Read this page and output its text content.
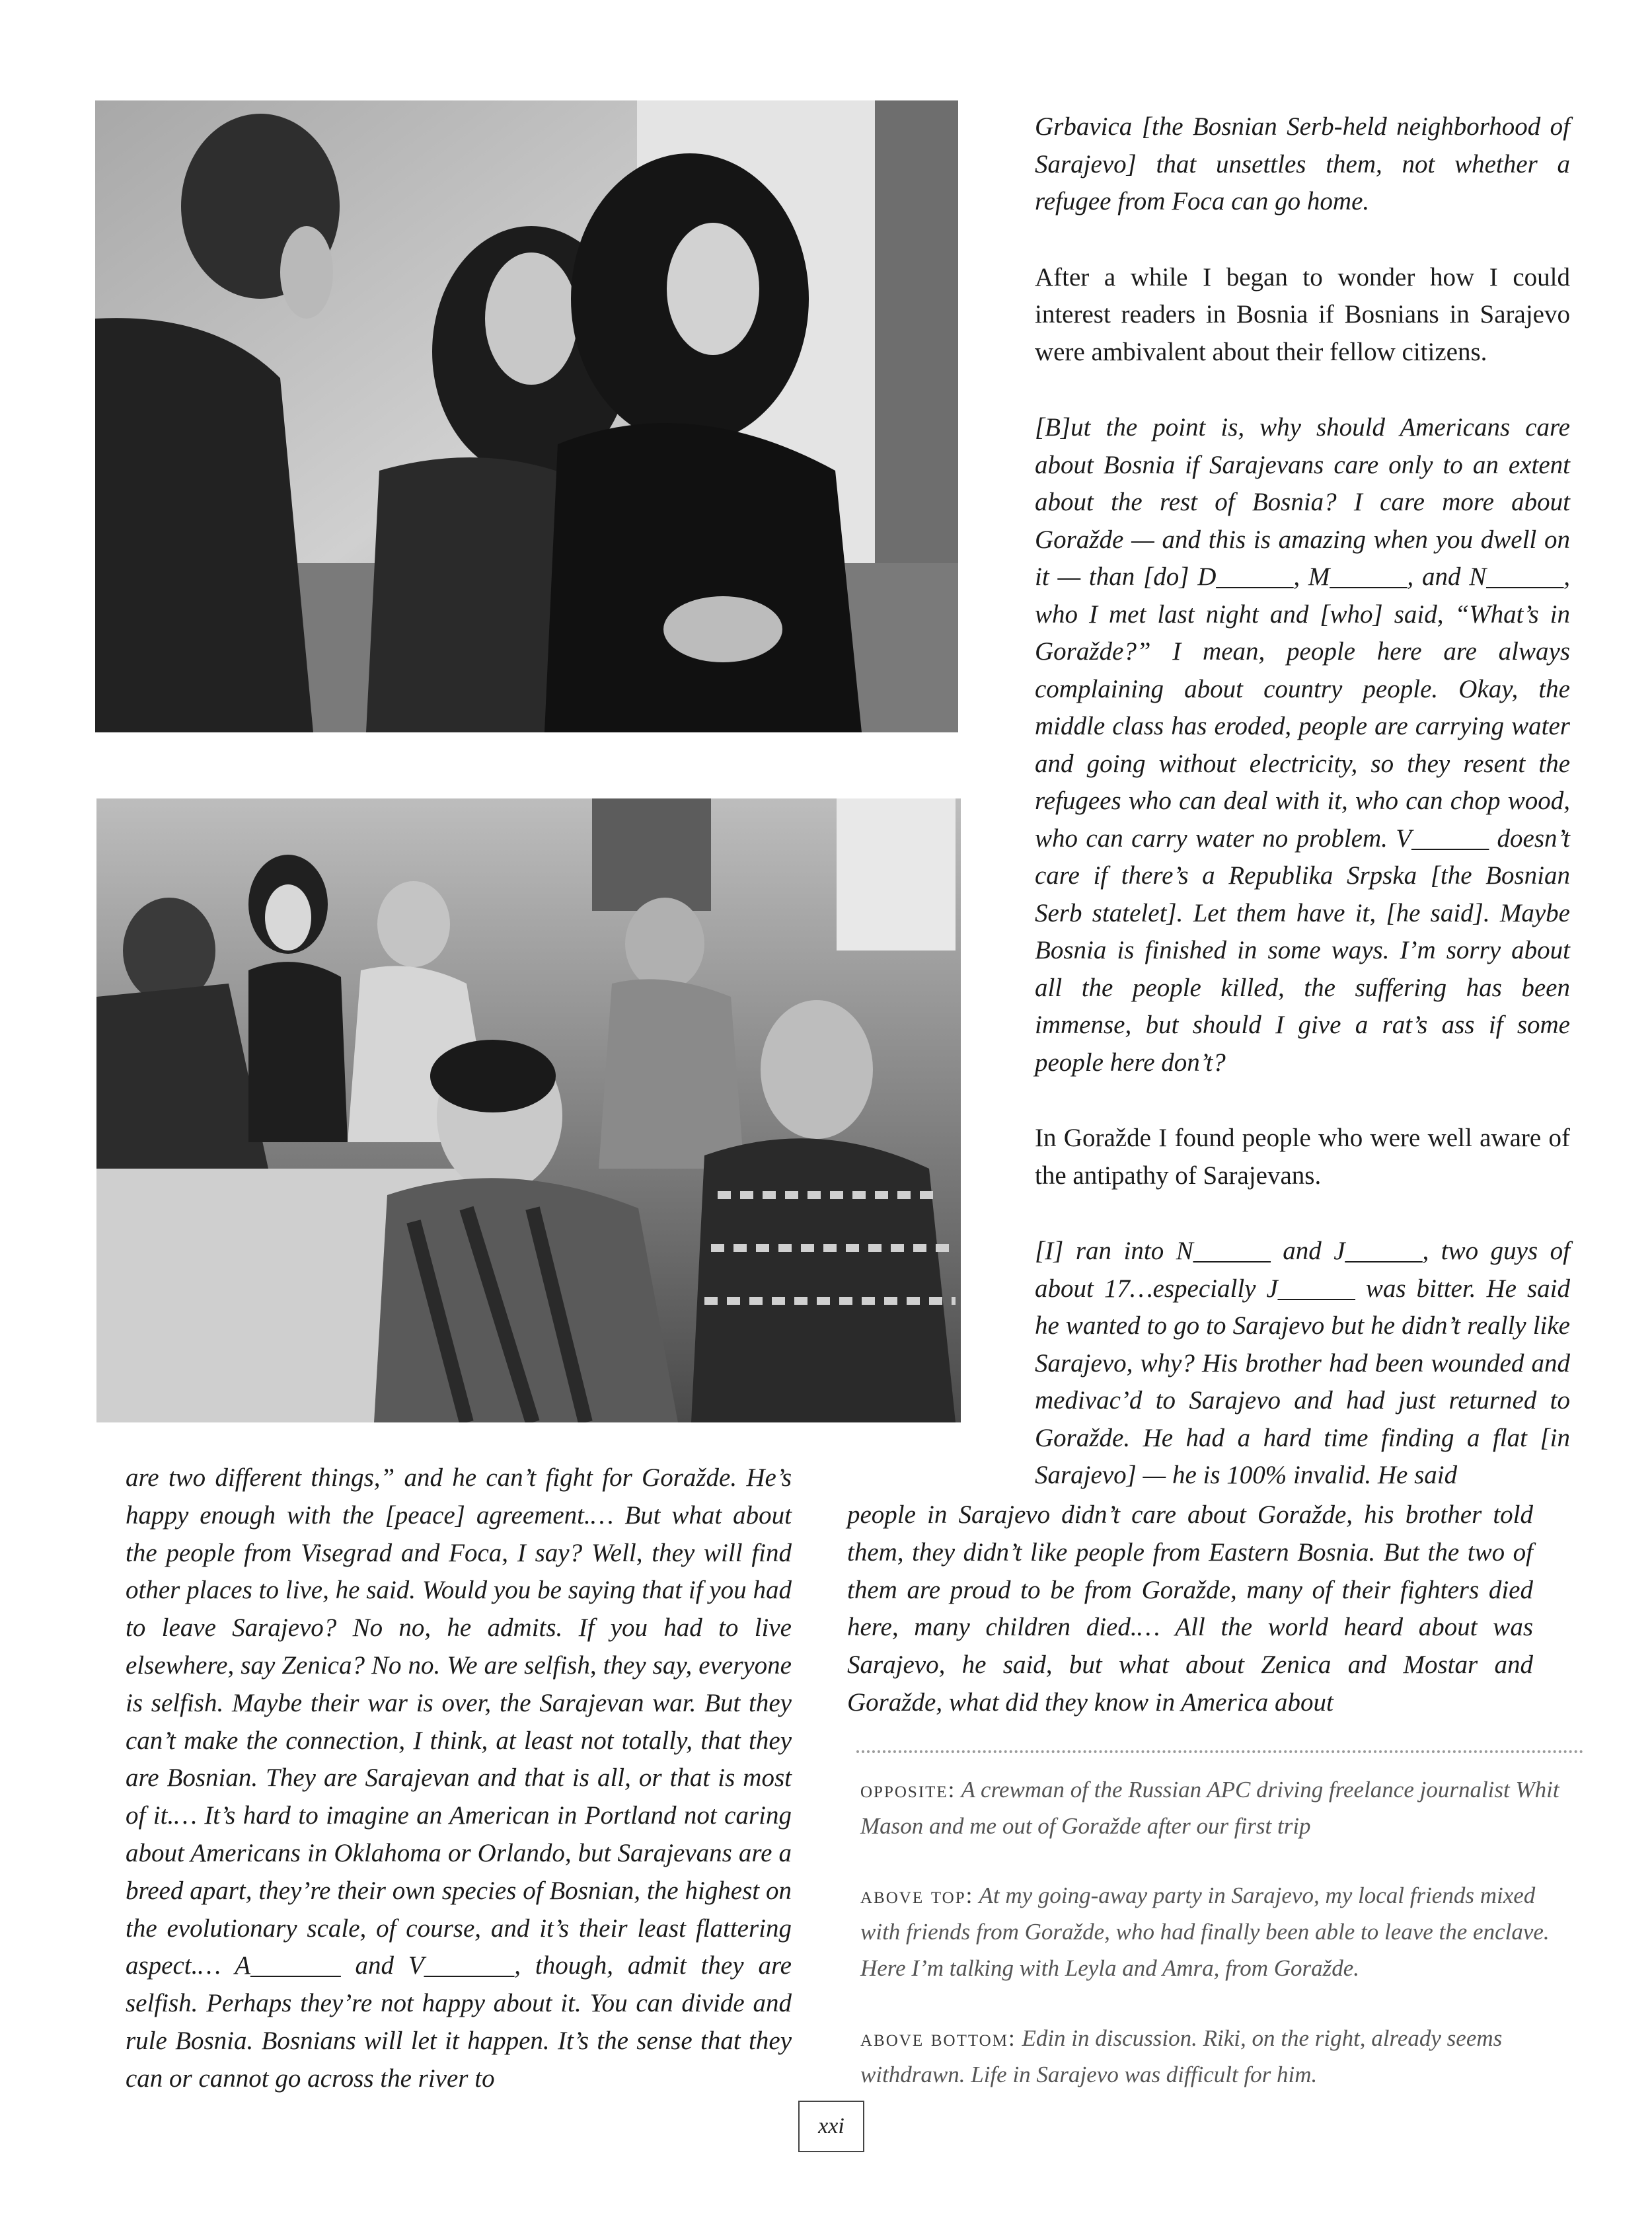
Grbavica [the Bosnian Serb-held neighborhood of Sarajevo] that unsettles them, not whether a refugee from Foca can go home.

After a while I began to wonder how I could interest readers in Bosnia if Bosnians in Sarajevo were ambivalent about their fellow citizens.

[B]ut the point is, why should Americans care about Bosnia if Sarajevans care only to an extent about the rest of Bosnia? I care more about Goražde — and this is amazing when you dwell on it — than [do] D______, M______, and N______, who I met last night and [who] said, “What’s in Goražde?” I mean, people here are always complaining about country people. Okay, the middle class has eroded, people are carrying water and going without electricity, so they resent the refugees who can deal with it, who can chop wood, who can carry water no problem. V______ doesn’t care if there’s a Republika Srpska [the Bosnian Serb statelet]. Let them have it, [he said]. Maybe Bosnia is finished in some ways. I’m sorry about all the people killed, the suffering has been immense, but should I give a rat’s ass if some people here don’t?

In Goražde I found people who were well aware of the antipathy of Sarajevans.

[I] ran into N______ and J______, two guys of about 17…especially J______ was bitter. He said he wanted to go to Sarajevo but he didn’t really like Sarajevo, why? His brother had been wounded and medivac’d to Sarajevo and had just returned to Goražde. He had a hard time finding a flat [in Sarajevo] — he is 100% invalid. He said

people in Sarajevo didn’t care about Goražde, his brother told them, they didn’t like people from Eastern Bosnia. But the two of them are proud to be from Goražde, many of their fighters died here, many children died.… All the world heard about was Sarajevo, he said, but what about Zenica and Mostar and Goražde, what did they know in America about
are two different things,” and he can’t fight for Goražde. He’s happy enough with the [peace] agreement.… But what about the people from Visegrad and Foca, I say? Well, they will find other places to live, he said. Would you be saying that if you had to leave Sarajevo? No no, he admits. If you had to live elsewhere, say Zenica? No no. We are selfish, they say, everyone is selfish. Maybe their war is over, the Sarajevan war. But they can’t make the connection, I think, at least not totally, that they are Bosnian. They are Sarajevan and that is all, or that is most of it.… It’s hard to imagine an American in Portland not caring about Americans in Oklahoma or Orlando, but Sarajevans are a breed apart, they’re their own species of Bosnian, the highest on the evolutionary scale, of course, and it’s their least flattering aspect.… A_______ and V_______, though, admit they are selfish. Perhaps they’re not happy about it. You can divide and rule Bosnia. Bosnians will let it happen. It’s the sense that they can or cannot go across the river to
opposite: A crewman of the Russian APC driving freelance journalist Whit Mason and me out of Goražde after our first trip
above top: At my going-away party in Sarajevo, my local friends mixed with friends from Goražde, who had finally been able to leave the enclave. Here I’m talking with Leyla and Amra, from Goražde.
above bottom: Edin in discussion. Riki, on the right, already seems withdrawn. Life in Sarajevo was difficult for him.
xxi
